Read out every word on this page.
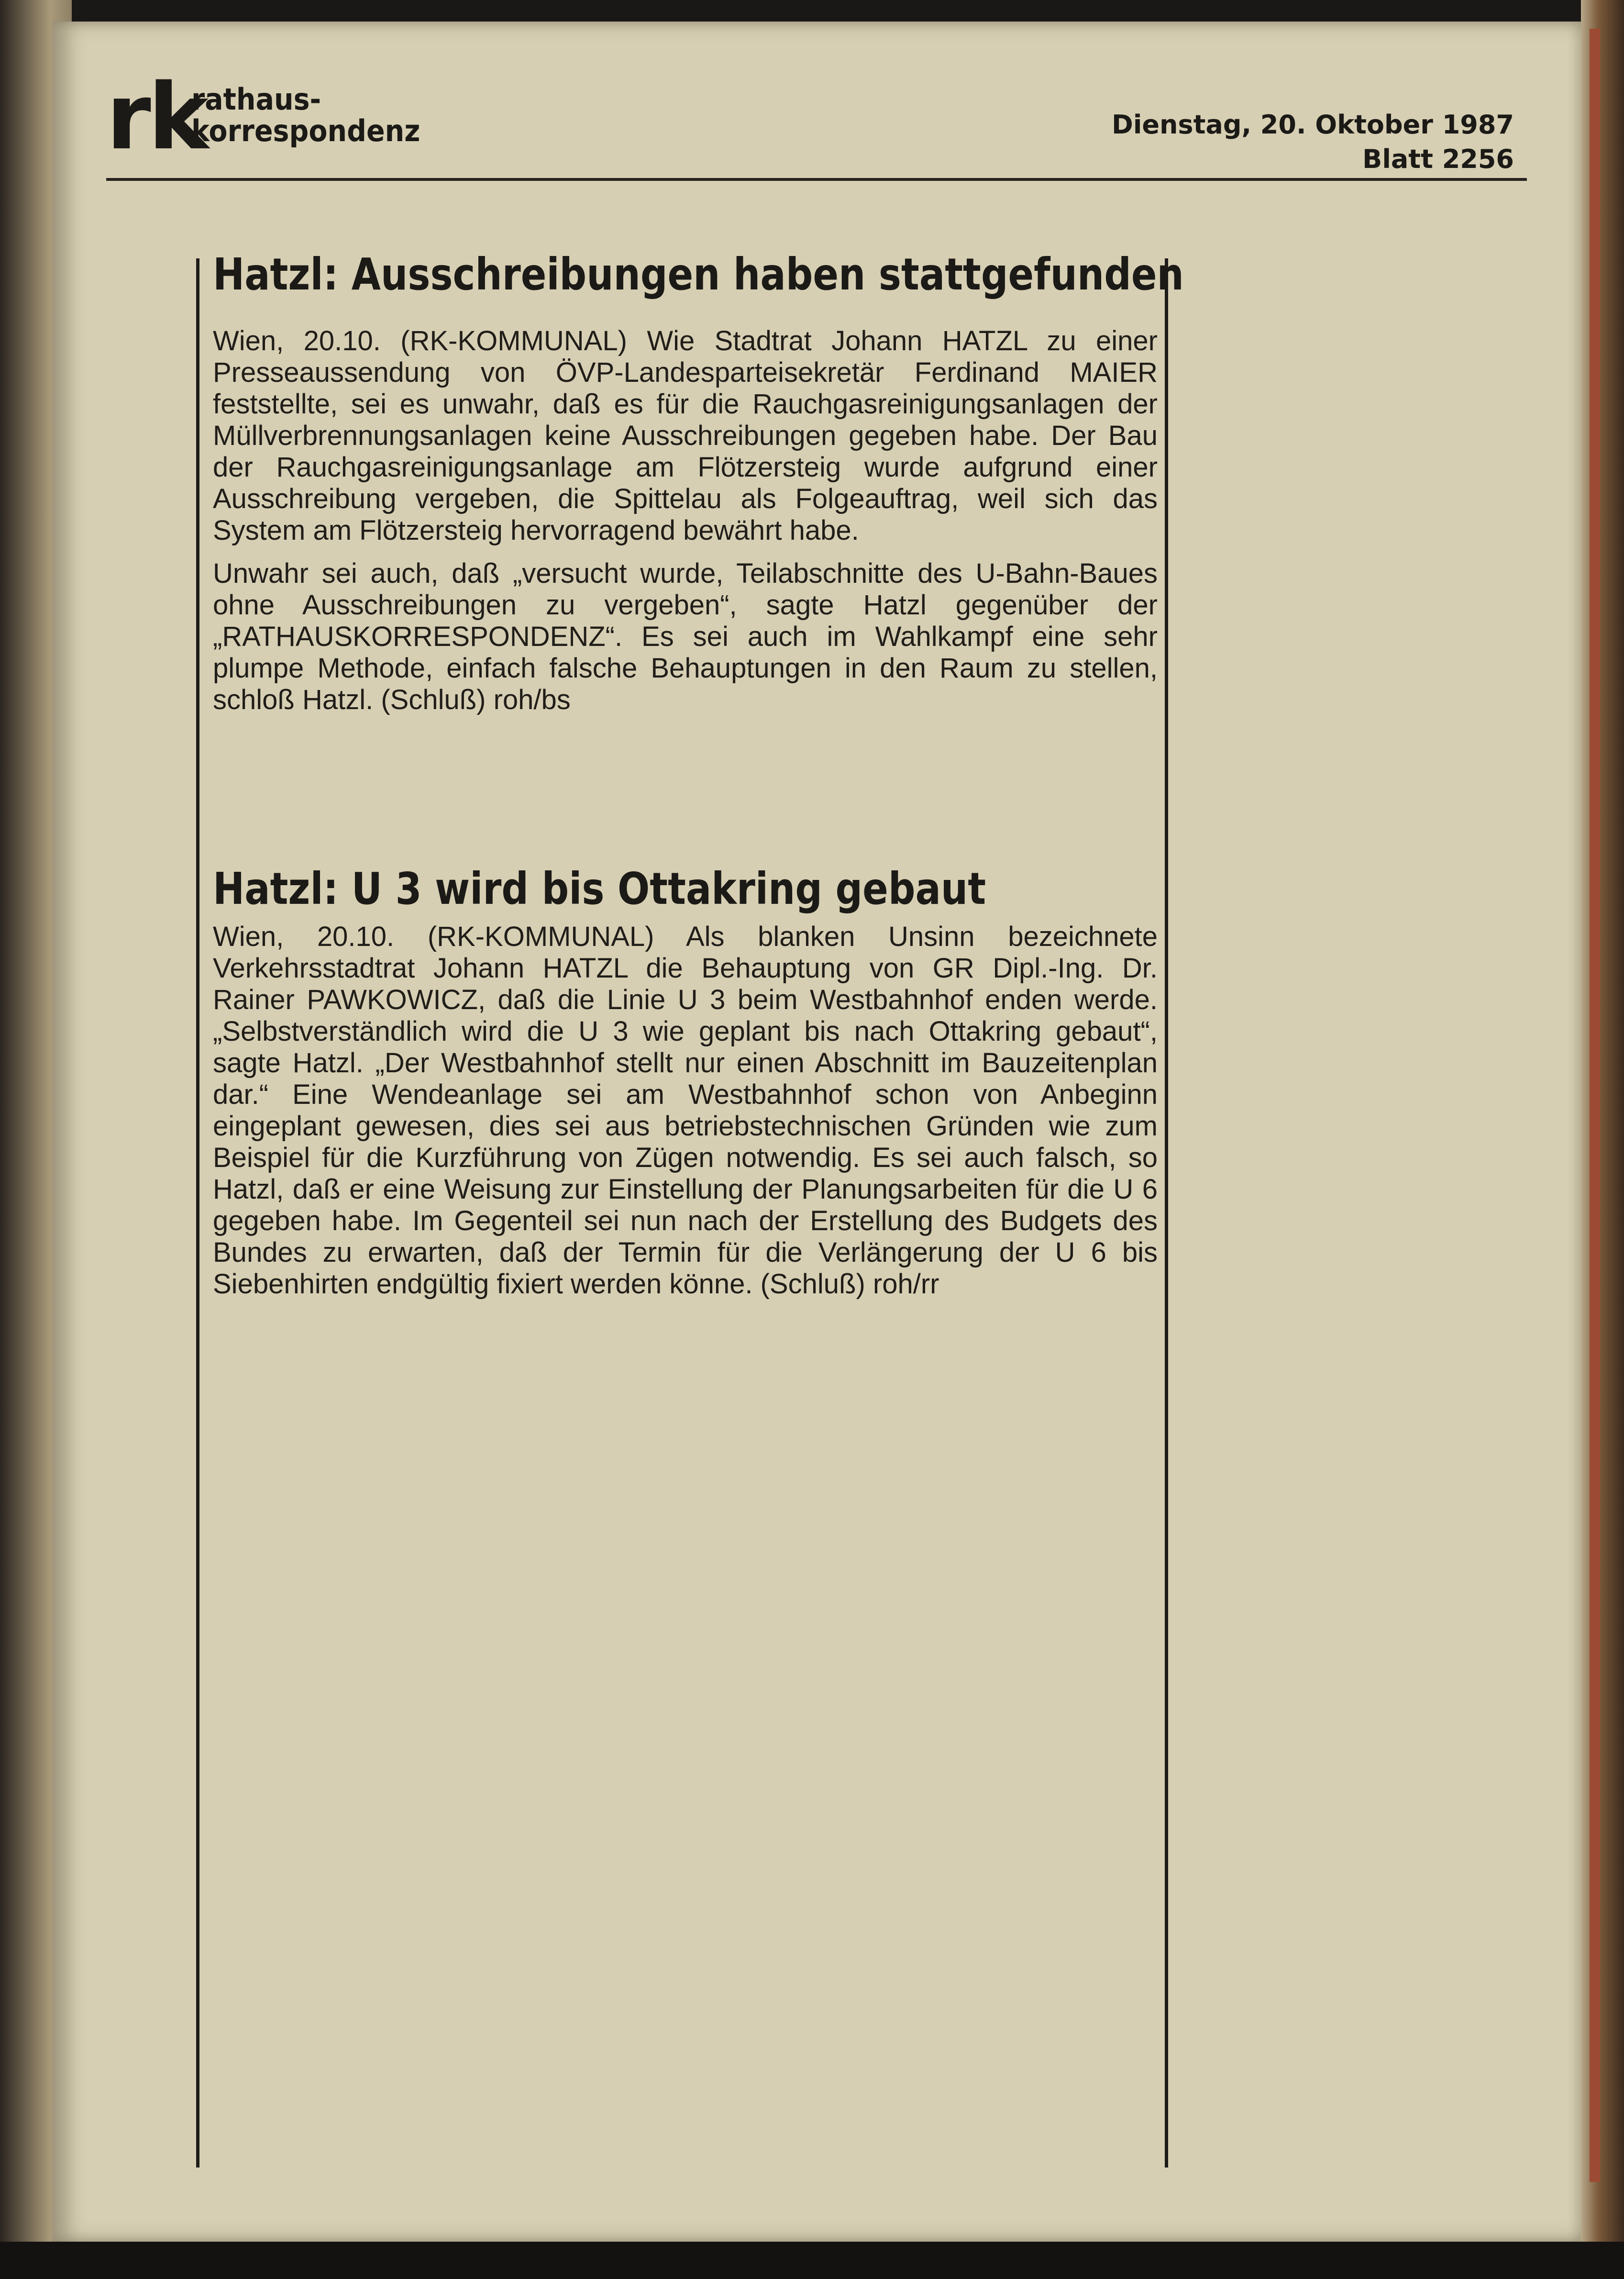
rk
rathaus-
korrespondenz	Dienstag, 20. Oktober 1987
Blatt 2256
Hatzl: Ausschreibungen haben stattgefunden

Wien, 20.10. (RK-KOMMUNAL) Wie Stadtrat Johann HATZL zu einer Presseaussendung von ÖVP-Landesparteisekretär Ferdinand MAIER feststellte, sei es unwahr, daß es für die Rauchgasreinigungsanlagen der Müllverbrennungsanlagen keine Ausschreibungen gegeben habe. Der Bau der Rauchgasreinigungsanlage am Flötzersteig wurde aufgrund einer Ausschreibung vergeben, die Spittelau als Folgeauftrag, weil sich das System am Flötzersteig hervorragend bewährt habe.

Unwahr sei auch, daß „versucht wurde, Teilabschnitte des U-Bahn-Baues ohne Ausschreibungen zu vergeben“, sagte Hatzl gegenüber der „RATHAUSKORRESPONDENZ“. Es sei auch im Wahlkampf eine sehr plumpe Methode, einfach falsche Behauptungen in den Raum zu stellen, schloß Hatzl. (Schluß) roh/bs

Hatzl: U 3 wird bis Ottakring gebaut

Wien, 20.10. (RK-KOMMUNAL) Als blanken Unsinn bezeichnete Verkehrsstadtrat Johann HATZL die Behauptung von GR Dipl.-Ing. Dr. Rainer PAWKOWICZ, daß die Linie U 3 beim Westbahnhof enden werde. „Selbstverständlich wird die U 3 wie geplant bis nach Ottakring gebaut“, sagte Hatzl. „Der Westbahnhof stellt nur einen Abschnitt im Bauzeitenplan dar.“ Eine Wendeanlage sei am Westbahnhof schon von Anbeginn eingeplant gewesen, dies sei aus betriebstechnischen Gründen wie zum Beispiel für die Kurzführung von Zügen notwendig. Es sei auch falsch, so Hatzl, daß er eine Weisung zur Einstellung der Planungsarbeiten für die U 6 gegeben habe. Im Gegenteil sei nun nach der Erstellung des Budgets des Bundes zu erwarten, daß der Termin für die Verlängerung der U 6 bis Siebenhirten endgültig fixiert werden könne. (Schluß) roh/rr
